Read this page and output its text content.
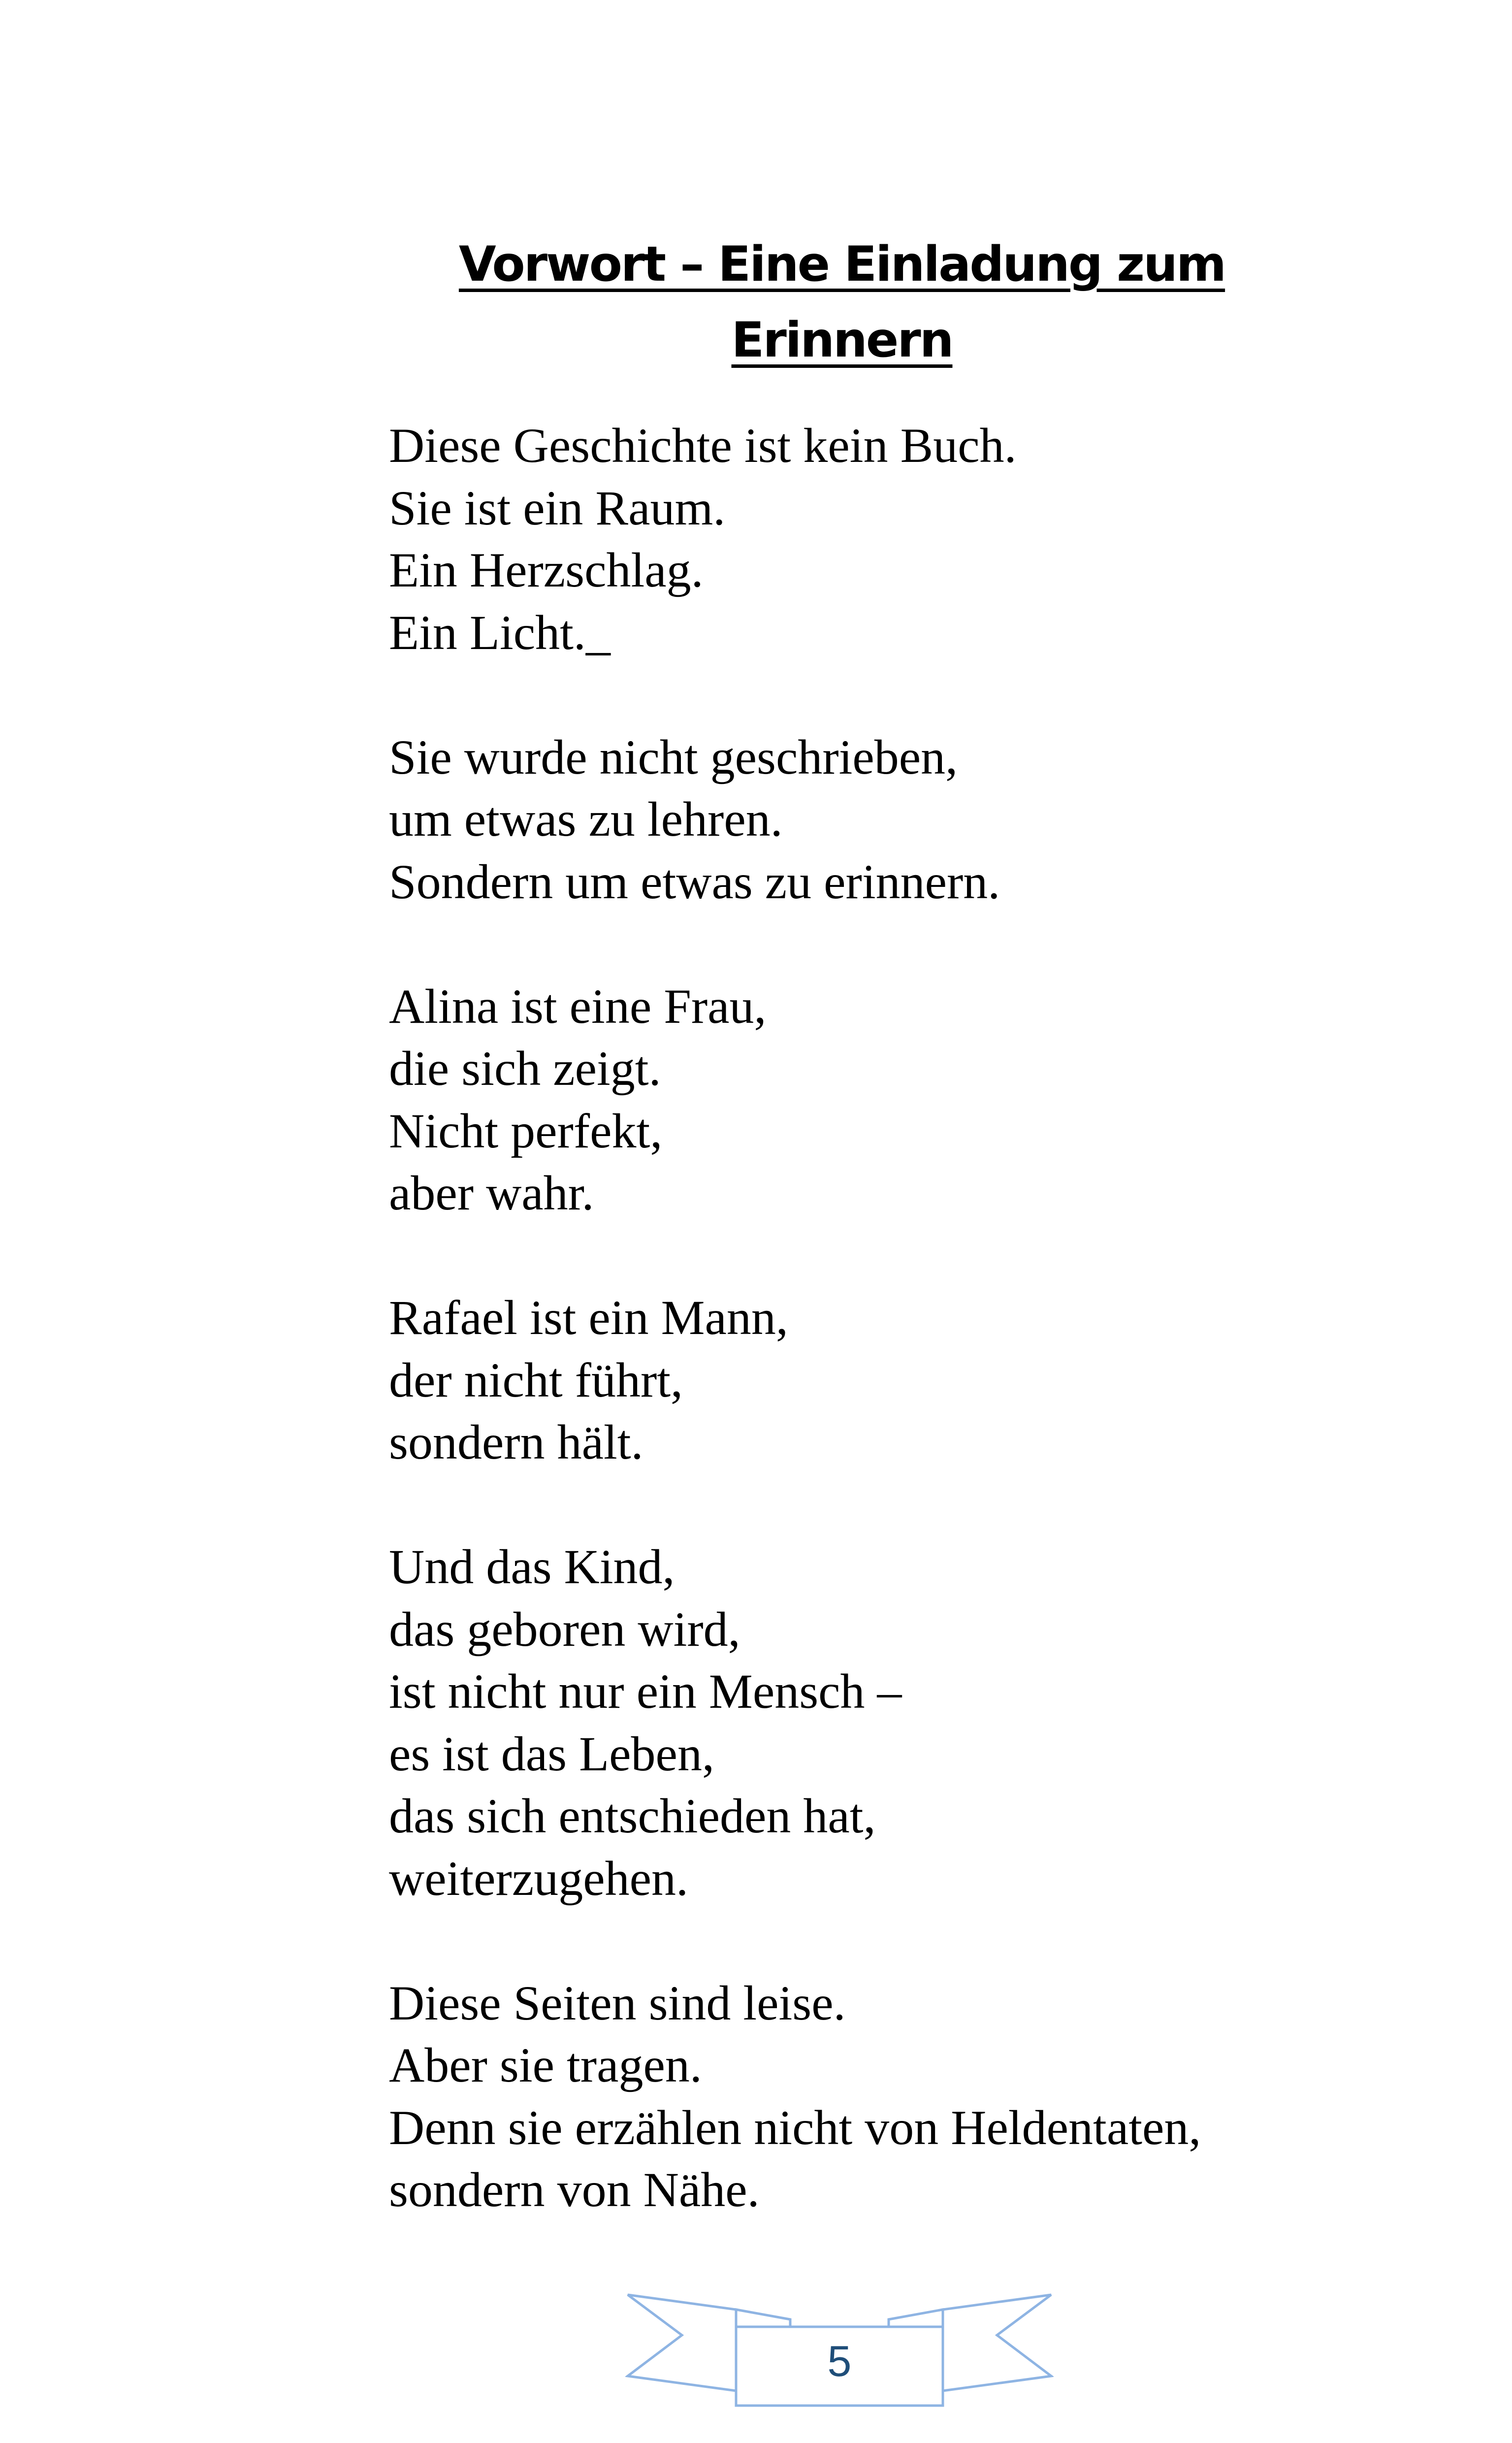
Vorwort – Eine Einladung zum
Erinnern
Diese Geschichte ist kein Buch.
Sie ist ein Raum.
Ein Herzschlag.
Ein Licht._
Sie wurde nicht geschrieben,
um etwas zu lehren.
Sondern um etwas zu erinnern.
Alina ist eine Frau,
die sich zeigt.
Nicht perfekt,
aber wahr.
Rafael ist ein Mann,
der nicht führt,
sondern hält.
Und das Kind,
das geboren wird,
ist nicht nur ein Mensch –
es ist das Leben,
das sich entschieden hat,
weiterzugehen.
Diese Seiten sind leise.
Aber sie tragen.
Denn sie erzählen nicht von Heldentaten,
sondern von Nähe.
5
